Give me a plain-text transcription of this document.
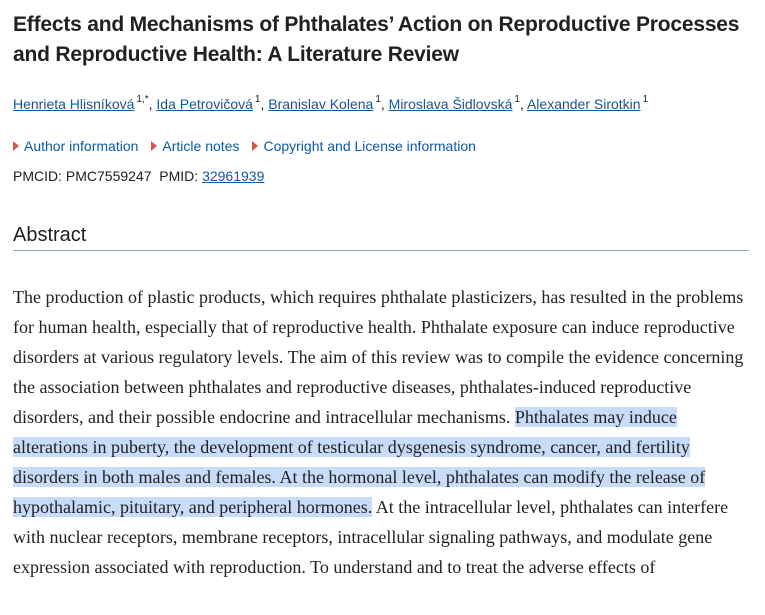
Effects and Mechanisms of Phthalates’ Action on Reproductive Processes and Reproductive Health: A Literature Review
Henrieta Hlisníková $^{1,*}$, Ida Petrovičová $^1$, Branislav Kolena $^1$, Miroslava Šidlovská $^1$, Alexander Sirotkin $^1$
Author information Article notes Copyright and License information
PMCID: PMC7559247 PMID: 32961939
Abstract

The production of plastic products, which requires phthalate plasticizers, has resulted in the problems for human health, especially that of reproductive health. Phthalate exposure can induce reproductive disorders at various regulatory levels. The aim of this review was to compile the evidence concerning the association between phthalates and reproductive diseases, phthalates-induced reproductive disorders, and their possible endocrine and intracellular mechanisms. Phthalates may induce alterations in puberty, the development of testicular dysgenesis syndrome, cancer, and fertility disorders in both males and females. At the hormonal level, phthalates can modify the release of hypothalamic, pituitary, and peripheral hormones. At the intracellular level, phthalates can interfere with nuclear receptors, membrane receptors, intracellular signaling pathways, and modulate gene expression associated with reproduction. To understand and to treat the adverse effects of
